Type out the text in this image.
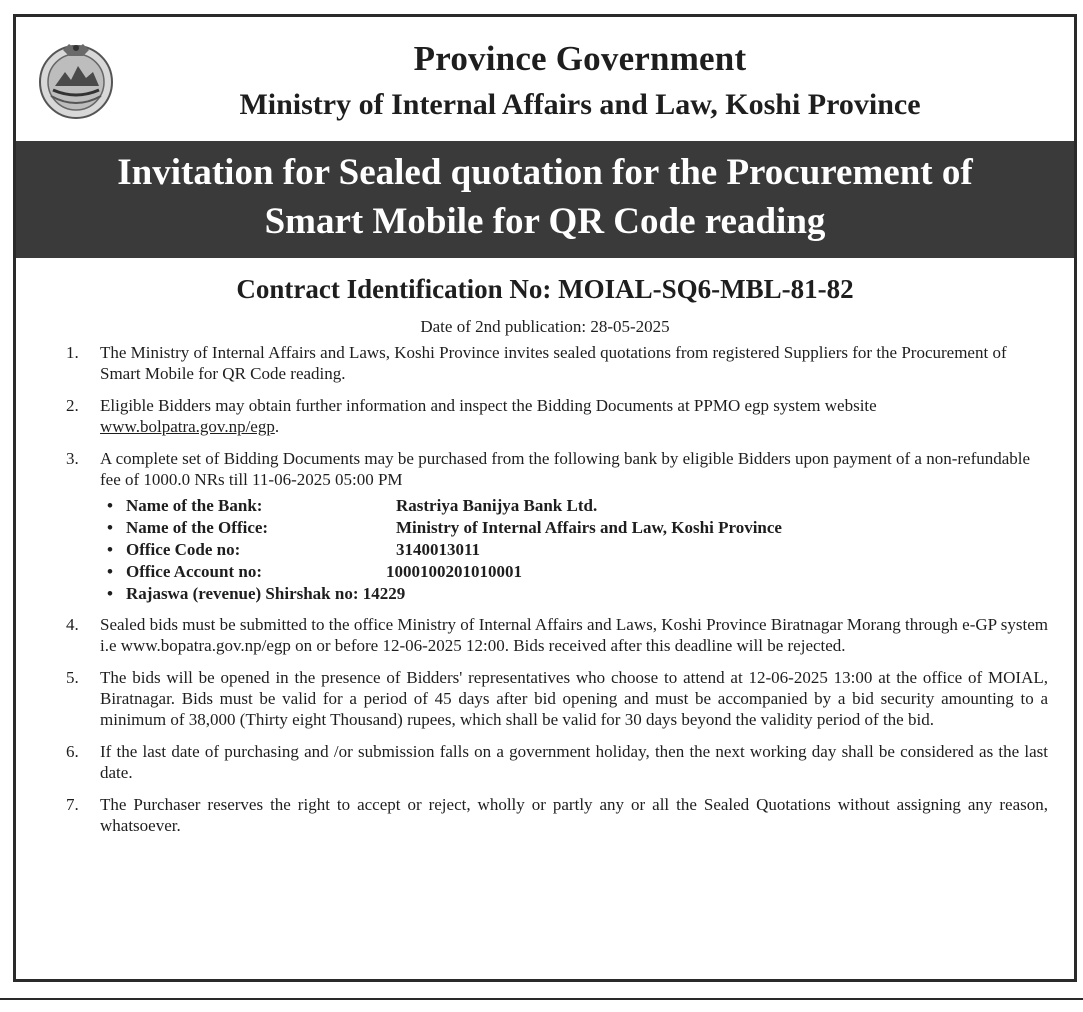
Province Government
Ministry of Internal Affairs and Law, Koshi Province
Invitation for Sealed quotation for the Procurement of
Smart Mobile for QR Code reading
Contract Identification No: MOIAL-SQ6-MBL-81-82
Date of 2nd publication: 28-05-2025
1. The Ministry of Internal Affairs and Laws, Koshi Province invites sealed quotations from registered Suppliers for the Procurement of Smart Mobile for QR Code reading.
2. Eligible Bidders may obtain further information and inspect the Bidding Documents at PPMO egp system website www.bolpatra.gov.np/egp.
3. A complete set of Bidding Documents may be purchased from the following bank by eligible Bidders upon payment of a non-refundable fee of 1000.0 NRs till 11-06-2025 05:00 PM
• Name of the Bank:	Rastriya Banijya Bank Ltd.
• Name of the Office:	Ministry of Internal Affairs and Law, Koshi Province
• Office Code no:	3140013011
• Office Account no:	1000100201010001
• Rajaswa (revenue) Shirshak no: 14229
4. Sealed bids must be submitted to the office Ministry of Internal Affairs and Laws, Koshi Province Biratnagar Morang through e-GP system i.e www.bopatra.gov.np/egp on or before 12-06-2025 12:00. Bids received after this deadline will be rejected.
5. The bids will be opened in the presence of Bidders' representatives who choose to attend at 12-06-2025 13:00 at the office of MOIAL, Biratnagar. Bids must be valid for a period of 45 days after bid opening and must be accompanied by a bid security amounting to a minimum of 38,000 (Thirty eight Thousand) rupees, which shall be valid for 30 days beyond the validity period of the bid.
6. If the last date of purchasing and /or submission falls on a government holiday, then the next working day shall be considered as the last date.
7. The Purchaser reserves the right to accept or reject, wholly or partly any or all the Sealed Quotations without assigning any reason, whatsoever.
